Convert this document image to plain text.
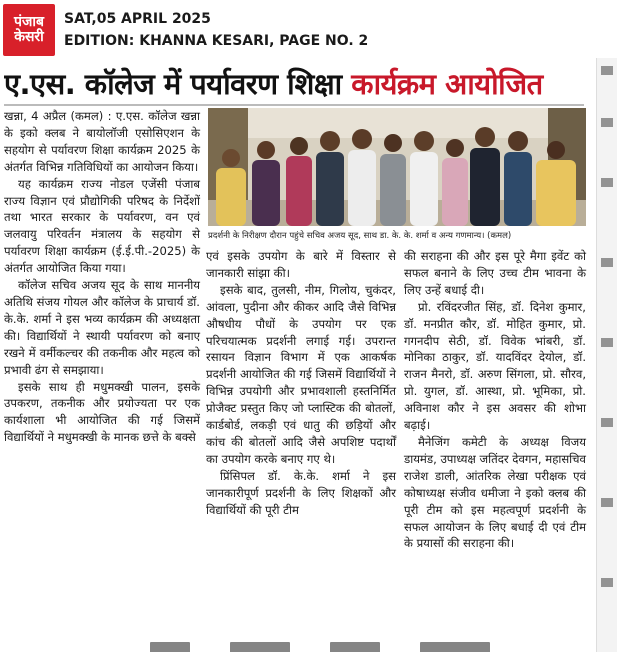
पंजाब
केसरी
SAT,05 APRIL 2025
EDITION: KHANNA KESARI, PAGE NO. 2
ए.एस. कॉलेज में पर्यावरण शिक्षा कार्यक्रम आयोजित
प्रदर्शनी के निरीक्षण दौरान पहुंचे सचिव अजय सूद, साथ डा. के. के. शर्मा व अन्य गणमान्य। (कमल)

खन्ना, 4 अप्रैल (कमल) : ए.एस. कॉलेज खन्ना के इको क्लब ने बायोलॉजी एसोसिएशन के सहयोग से पर्यावरण शिक्षा कार्यक्रम 2025 के अंतर्गत विभिन्न गतिविधियों का आयोजन किया।

यह कार्यक्रम राज्य नोडल एजेंसी पंजाब राज्य विज्ञान एवं प्रौद्योगिकी परिषद के निर्देशों तथा भारत सरकार के पर्यावरण, वन एवं जलवायु परिवर्तन मंत्रालय के सहयोग से पर्यावरण शिक्षा कार्यक्रम (ई.ई.पी.-2025) के अंतर्गत आयोजित किया गया।

कॉलेज सचिव अजय सूद के साथ माननीय अतिथि संजय गोयल और कॉलेज के प्राचार्य डॉ. के.के. शर्मा ने इस भव्य कार्यक्रम की अध्यक्षता की। विद्यार्थियों ने स्थायी पर्यावरण को बनाए रखने में वर्मीकल्चर की तकनीक और महत्व को प्रभावी ढंग से समझाया।

इसके साथ ही मधुमक्खी पालन, इसके उपकरण, तकनीक और प्रयोज्यता पर एक कार्यशाला भी आयोजित की गई जिसमें विद्यार्थियों ने मधुमक्खी के मानक छत्ते के बक्से

एवं इसके उपयोग के बारे में विस्तार से जानकारी सांझा की।

इसके बाद, तुलसी, नीम, गिलोय, चुकंदर, आंवला, पुदीना और कीकर आदि जैसे विभिन्न औषधीय पौधों के उपयोग पर एक परिचयात्मक प्रदर्शनी लगाई गई। उपरान्त रसायन विज्ञान विभाग में एक आकर्षक प्रदर्शनी आयोजित की गई जिसमें विद्यार्थियों ने विभिन्न उपयोगी और प्रभावशाली हस्तनिर्मित प्रोजैक्ट प्रस्तुत किए जो प्लास्टिक की बोतलों, कार्डबोर्ड, लकड़ी एवं धातु की छड़ियों और कांच की बोतलों आदि जैसे अपशिष्ट पदार्थों का उपयोग करके बनाए गए थे।

प्रिंसिपल डॉ. के.के. शर्मा ने इस जानकारीपूर्ण प्रदर्शनी के लिए शिक्षकों और विद्यार्थियों की पूरी टीम

की सराहना की और इस पूरे मैगा इवेंट को सफल बनाने के लिए उच्च टीम भावना के लिए उन्हें बधाई दी।

प्रो. रविंदरजीत सिंह, डॉ. दिनेश कुमार, डॉ. मनप्रीत कौर, डॉ. मोहित कुमार, प्रो. गगनदीप सेठी, डॉ. विवेक भांबरी, डॉ. मोनिका ठाकुर, डॉ. यादविंदर देयोल, डॉ. राजन मैनरो, डॉ. अरुण सिंगला, प्रो. सौरव, प्रो. युगल, डॉ. आस्था, प्रो. भूमिका, प्रो. अविनाश कौर ने इस अवसर की शोभा बढ़ाई।

मैनेजिंग कमेटी के अध्यक्ष विजय डायमंड, उपाध्यक्ष जतिंदर देवगन, महासचिव राजेश डाली, आंतरिक लेखा परीक्षक एवं कोषाध्यक्ष संजीव धमीजा ने इको क्लब की पूरी टीम को इस महत्वपूर्ण प्रदर्शनी के सफल आयोजन के लिए बधाई दी एवं टीम के प्रयासों की सराहना की।
